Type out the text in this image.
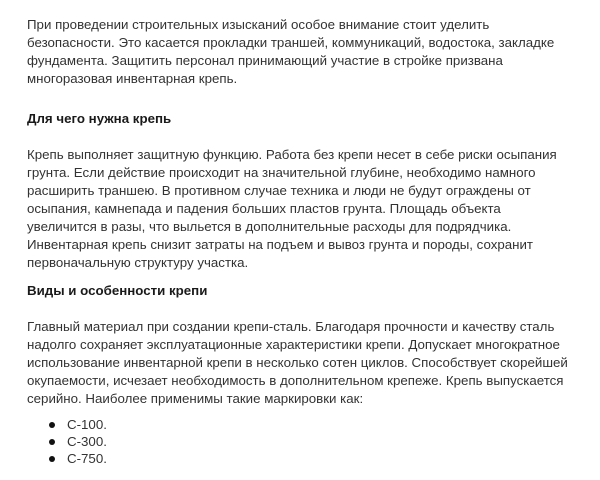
При проведении строительных изысканий особое внимание стоит уделить
безопасности. Это касается прокладки траншей, коммуникаций, водостока, закладке
фундамента. Защитить персонал принимающий участие в стройке призвана
многоразовая инвентарная крепь.

Для чего нужна крепь

Крепь выполняет защитную функцию. Работа без крепи несет в себе риски осыпания
грунта. Если действие происходит на значительной глубине, необходимо намного
расширить траншею. В противном случае техника и люди не будут ограждены от
осыпания, камнепада и падения больших пластов грунта. Площадь объекта
увеличится в разы, что выльется в дополнительные расходы для подрядчика.
Инвентарная крепь снизит затраты на подъем и вывоз грунта и породы, сохранит
первоначальную структуру участка.

Виды и особенности крепи

Главный материал при создании крепи-сталь. Благодаря прочности и качеству сталь
надолго сохраняет эксплуатационные характеристики крепи. Допускает многократное
использование инвентарной крепи в несколько сотен циклов. Способствует скорейшей
окупаемости, исчезает необходимость в дополнительном крепеже. Крепь выпускается
серийно. Наиболее применимы такие маркировки как:

С-100.
С-300.
С-750.
